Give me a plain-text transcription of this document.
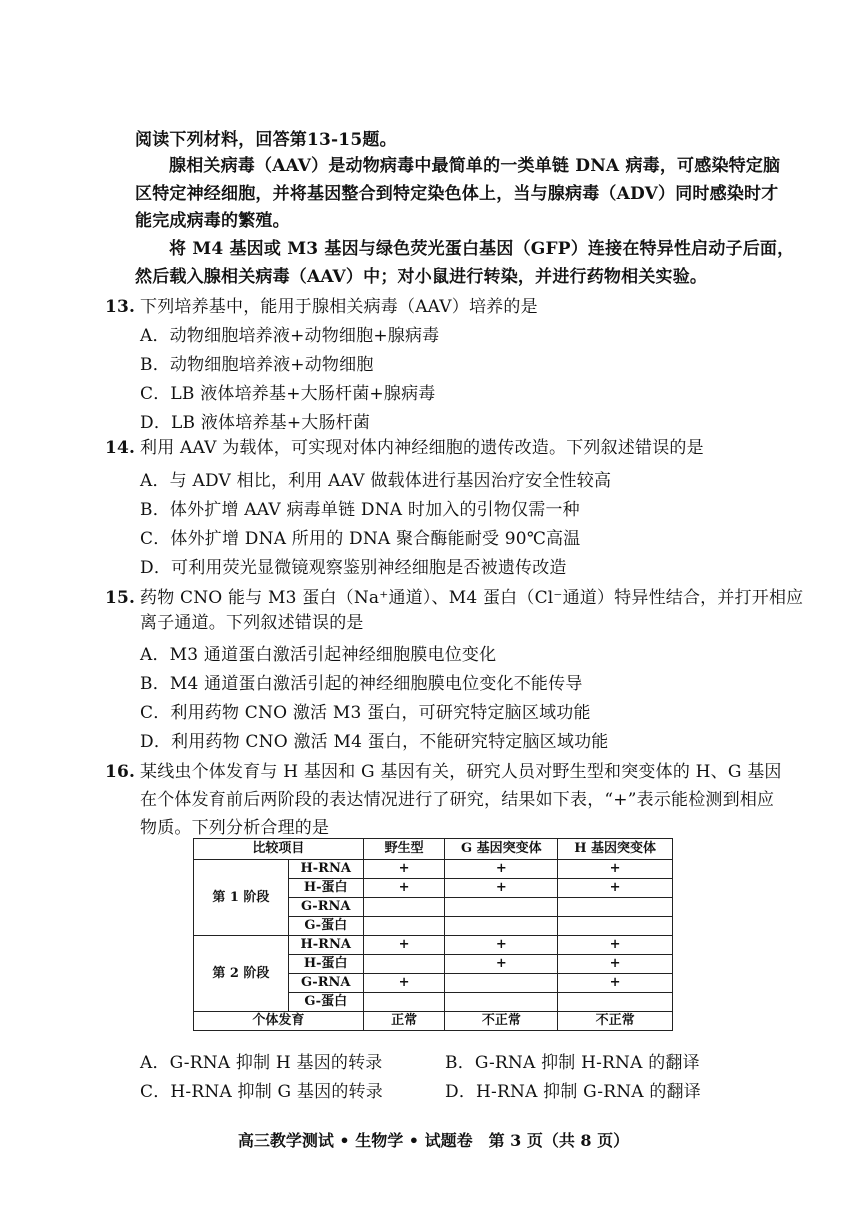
阅读下列材料，回答第13-15题。
腺相关病毒（AAV）是动物病毒中最简单的一类单链 DNA 病毒，可感染特定脑
区特定神经细胞，并将基因整合到特定染色体上，当与腺病毒（ADV）同时感染时才
能完成病毒的繁殖。
将 M4 基因或 M3 基因与绿色荧光蛋白基因（GFP）连接在特异性启动子后面，
然后载入腺相关病毒（AAV）中；对小鼠进行转染，并进行药物相关实验。
13. 下列培养基中，能用于腺相关病毒（AAV）培养的是
A．动物细胞培养液+动物细胞+腺病毒
B．动物细胞培养液+动物细胞
C．LB 液体培养基+大肠杆菌+腺病毒
D．LB 液体培养基+大肠杆菌
14. 利用 AAV 为载体，可实现对体内神经细胞的遗传改造。下列叙述错误的是
A．与 ADV 相比，利用 AAV 做载体进行基因治疗安全性较高
B．体外扩增 AAV 病毒单链 DNA 时加入的引物仅需一种
C．体外扩增 DNA 所用的 DNA 聚合酶能耐受 90℃高温
D．可利用荧光显微镜观察鉴别神经细胞是否被遗传改造
15. 药物 CNO 能与 M3 蛋白（Na⁺通道）、M4 蛋白（Cl⁻通道）特异性结合，并打开相应
离子通道。下列叙述错误的是
A．M3 通道蛋白激活引起神经细胞膜电位变化
B．M4 通道蛋白激活引起的神经细胞膜电位变化不能传导
C．利用药物 CNO 激活 M3 蛋白，可研究特定脑区域功能
D．利用药物 CNO 激活 M4 蛋白，不能研究特定脑区域功能
16. 某线虫个体发育与 H 基因和 G 基因有关，研究人员对野生型和突变体的 H、G 基因
在个体发育前后两阶段的表达情况进行了研究，结果如下表，“+”表示能检测到相应
物质。下列分析合理的是
比较项目		野生型	G 基因突变体	H 基因突变体
第 1 阶段	H-RNA	+	+	+
	H-蛋白	+	+	+
	G-RNA			
	G-蛋白			
第 2 阶段	H-RNA	+	+	+
	H-蛋白		+	+
	G-RNA	+		+
	G-蛋白			
个体发育		正常	不正常	不正常
A．G-RNA 抑制 H 基因的转录	B．G-RNA 抑制 H-RNA 的翻译
C．H-RNA 抑制 G 基因的转录	D．H-RNA 抑制 G-RNA 的翻译
高三教学测试 • 生物学 • 试题卷　第 3 页（共 8 页）
